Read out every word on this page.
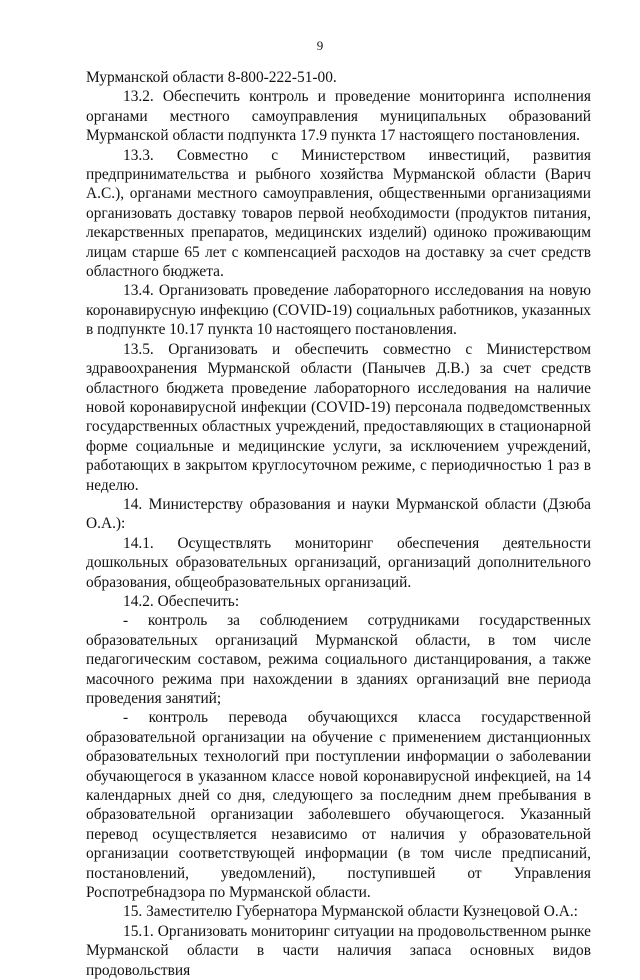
9

Мурманской области 8-800-222-51-00.

13.2. Обеспечить контроль и проведение мониторинга исполнения органами местного самоуправления муниципальных образований Мурманской области подпункта 17.9 пункта 17 настоящего постановления.

13.3. Совместно с Министерством инвестиций, развития предпринимательства и рыбного хозяйства Мурманской области (Варич А.С.), органами местного самоуправления, общественными организациями организовать доставку товаров первой необходимости (продуктов питания, лекарственных препаратов, медицинских изделий) одиноко проживающим лицам старше 65 лет с компенсацией расходов на доставку за счет средств областного бюджета.

13.4. Организовать проведение лабораторного исследования на новую коронавирусную инфекцию (COVID-19) социальных работников, указанных в подпункте 10.17 пункта 10 настоящего постановления.

13.5. Организовать и обеспечить совместно с Министерством здравоохранения Мурманской области (Панычев Д.В.) за счет средств областного бюджета проведение лабораторного исследования на наличие новой коронавирусной инфекции (COVID-19) персонала подведомственных государственных областных учреждений, предоставляющих в стационарной форме социальные и медицинские услуги, за исключением учреждений, работающих в закрытом круглосуточном режиме, с периодичностью 1 раз в неделю.

14. Министерству образования и науки Мурманской области (Дзюба О.А.):

14.1. Осуществлять мониторинг обеспечения деятельности дошкольных образовательных организаций, организаций дополнительного образования, общеобразовательных организаций.

14.2. Обеспечить:

- контроль за соблюдением сотрудниками государственных образовательных организаций Мурманской области, в том числе педагогическим составом, режима социального дистанцирования, а также масочного режима при нахождении в зданиях организаций вне периода проведения занятий;

- контроль перевода обучающихся класса государственной образовательной организации на обучение с применением дистанционных образовательных технологий при поступлении информации о заболевании обучающегося в указанном классе новой коронавирусной инфекцией, на 14 календарных дней со дня, следующего за последним днем пребывания в образовательной организации заболевшего обучающегося. Указанный перевод осуществляется независимо от наличия у образовательной организации соответствующей информации (в том числе предписаний, постановлений, уведомлений), поступившей от Управления Роспотребнадзора по Мурманской области.

15. Заместителю Губернатора Мурманской области Кузнецовой О.А.:

15.1. Организовать мониторинг ситуации на продовольственном рынке Мурманской области в части наличия запаса основных видов продовольствия
